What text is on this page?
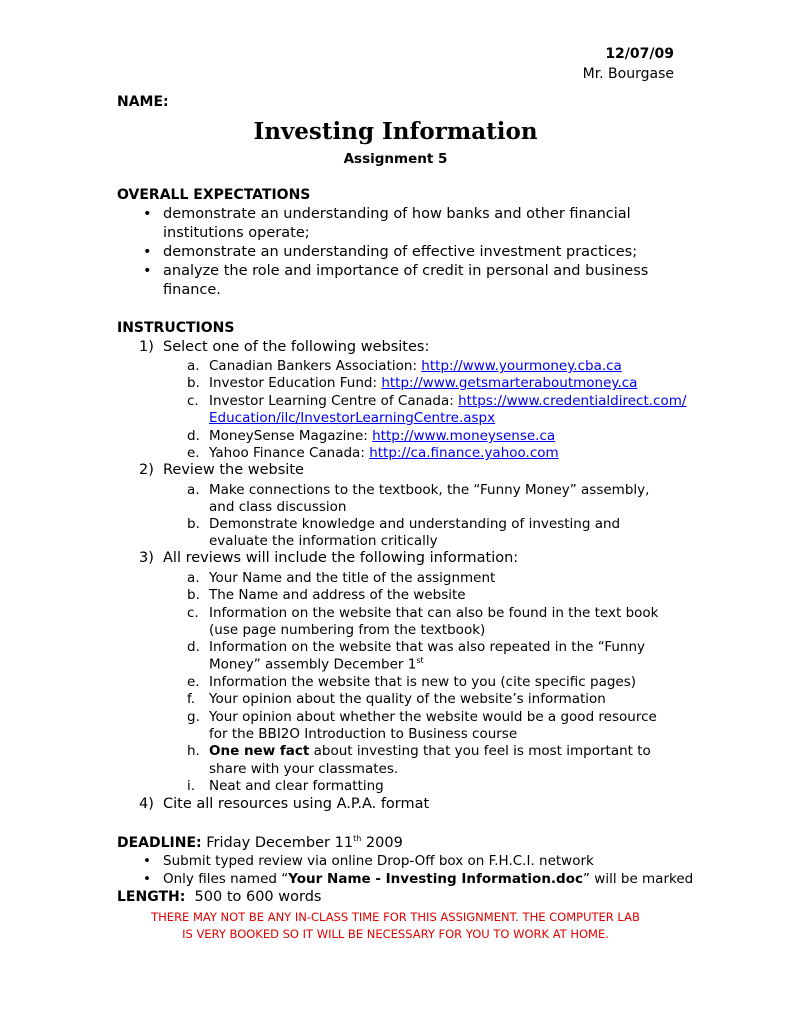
12/07/09
Mr. Bourgase
NAME:
Investing Information
Assignment 5
OVERALL EXPECTATIONS
• demonstrate an understanding of how banks and other financial
institutions operate;
• demonstrate an understanding of effective investment practices;
• analyze the role and importance of credit in personal and business
finance.
INSTRUCTIONS
1) Select one of the following websites:
a. Canadian Bankers Association: http://www.yourmoney.cba.ca
b. Investor Education Fund: http://www.getsmarteraboutmoney.ca
c. Investor Learning Centre of Canada: https://www.credentialdirect.com/
Education/ilc/InvestorLearningCentre.aspx
d. MoneySense Magazine: http://www.moneysense.ca
e. Yahoo Finance Canada: http://ca.finance.yahoo.com
2) Review the website
a. Make connections to the textbook, the “Funny Money” assembly,
and class discussion
b. Demonstrate knowledge and understanding of investing and
evaluate the information critically
3) All reviews will include the following information:
a. Your Name and the title of the assignment
b. The Name and address of the website
c. Information on the website that can also be found in the text book
(use page numbering from the textbook)
d. Information on the website that was also repeated in the “Funny
Money” assembly December 1st
e. Information the website that is new to you (cite specific pages)
f. Your opinion about the quality of the website’s information
g. Your opinion about whether the website would be a good resource
for the BBI2O Introduction to Business course
h. One new fact about investing that you feel is most important to
share with your classmates.
i. Neat and clear formatting
4) Cite all resources using A.P.A. format
DEADLINE: Friday December 11th 2009
• Submit typed review via online Drop-Off box on F.H.C.I. network
• Only files named “Your Name - Investing Information.doc” will be marked
LENGTH:  500 to 600 words
THERE MAY NOT BE ANY IN-CLASS TIME FOR THIS ASSIGNMENT. THE COMPUTER LAB
IS VERY BOOKED SO IT WILL BE NECESSARY FOR YOU TO WORK AT HOME.
